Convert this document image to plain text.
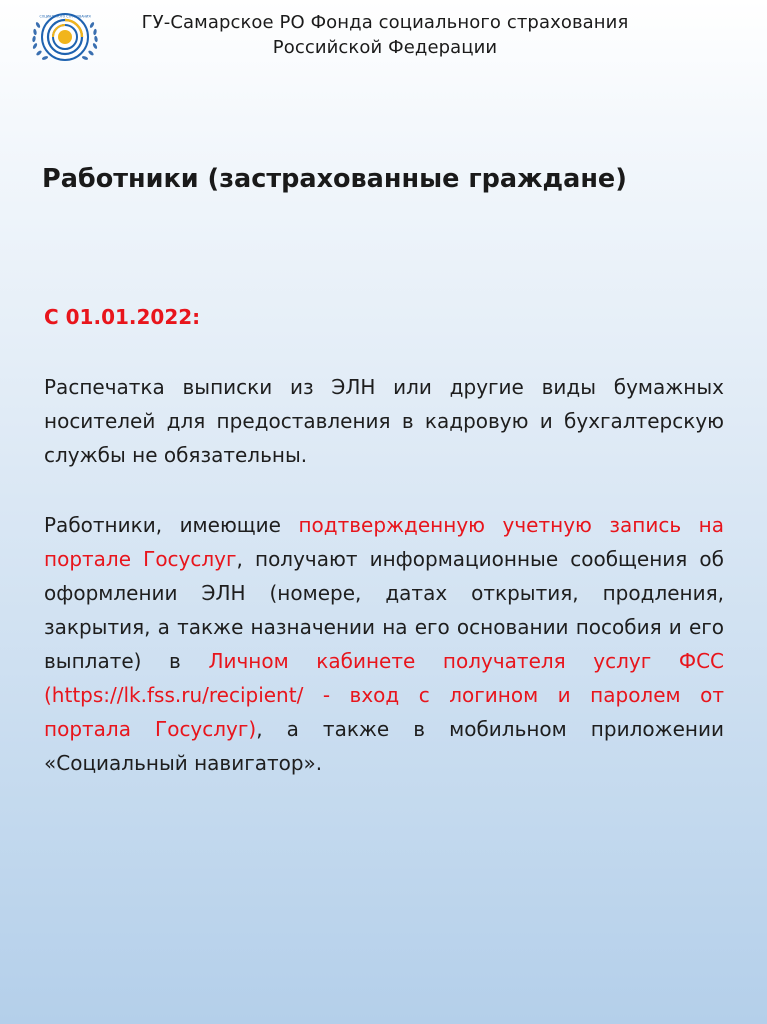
СОЦИАЛЬНОГО СТРАХОВАНИЯ	ГУ-Самарское РО Фонда социального страхования
Российской Федерации
Работники (застрахованные граждане)
С 01.01.2022:
Распечатка выписки из ЭЛН или другие виды бумажных носителей для предоставления в кадровую и бухгалтерскую службы не обязательны.
Работники, имеющие подтвержденную учетную запись на портале Госуслуг, получают информационные сообщения об оформлении ЭЛН (номере, датах открытия, продления, закрытия, а также назначении на его основании пособия и его выплате) в Личном кабинете получателя услуг ФСС (https://lk.fss.ru/recipient/ - вход с логином и паролем от портала Госуслуг), а также в мобильном приложении «Социальный навигатор».
